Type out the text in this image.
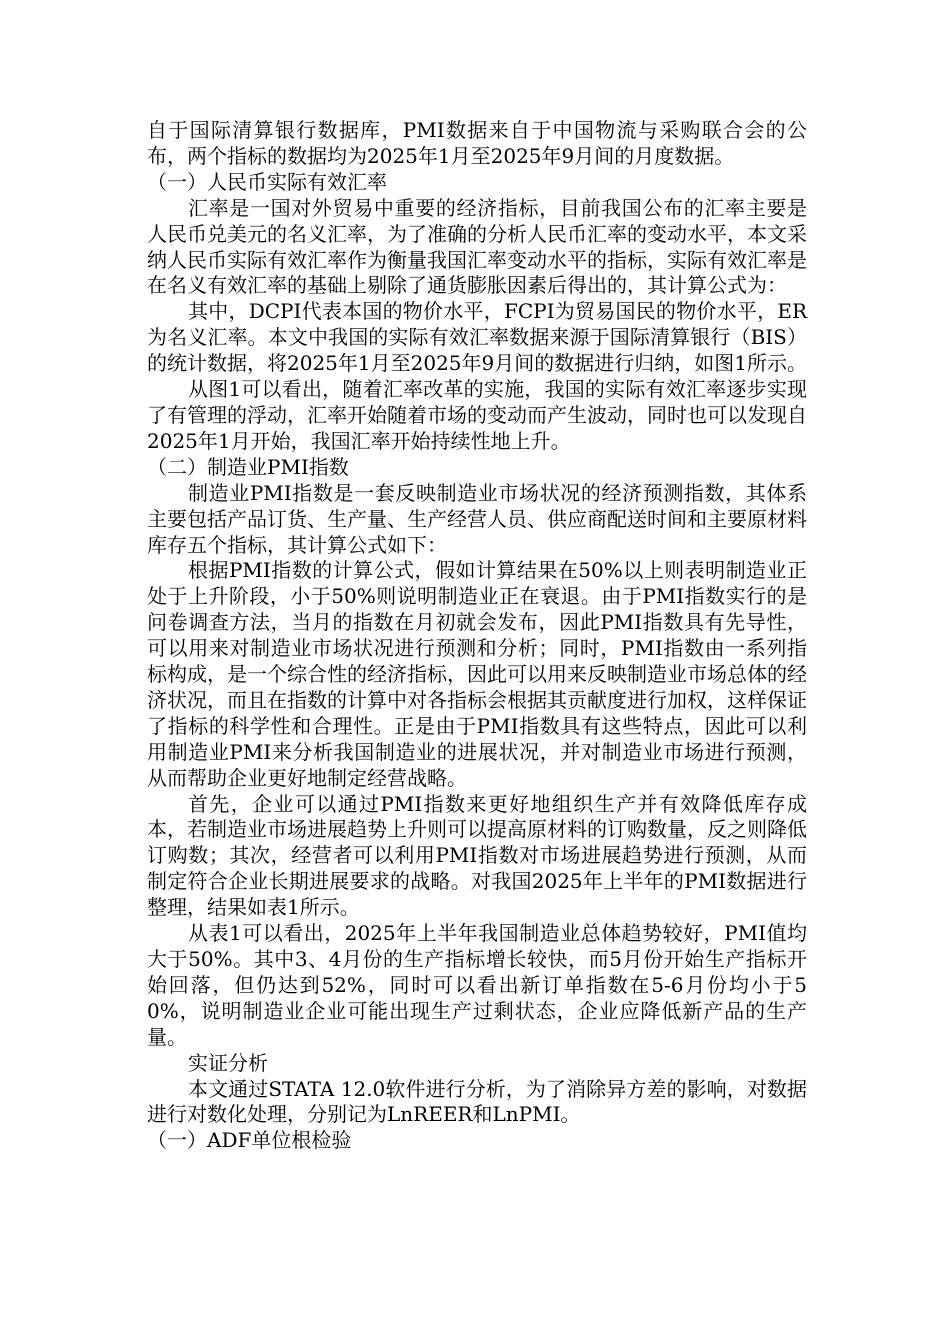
自于国际清算银行数据库，PMI数据来自于中国物流与采购联合会的公布，两个指标的数据均为2025年1月至2025年9月间的月度数据。

（一）人民币实际有效汇率

汇率是一国对外贸易中重要的经济指标，目前我国公布的汇率主要是人民币兑美元的名义汇率，为了准确的分析人民币汇率的变动水平，本文采纳人民币实际有效汇率作为衡量我国汇率变动水平的指标，实际有效汇率是在名义有效汇率的基础上剔除了通货膨胀因素后得出的，其计算公式为：

其中，DCPI代表本国的物价水平，FCPI为贸易国民的物价水平，ER为名义汇率。本文中我国的实际有效汇率数据来源于国际清算银行（BIS）的统计数据，将2025年1月至2025年9月间的数据进行归纳，如图1所示。

从图1可以看出，随着汇率改革的实施，我国的实际有效汇率逐步实现了有管理的浮动，汇率开始随着市场的变动而产生波动，同时也可以发现自2025年1月开始，我国汇率开始持续性地上升。

（二）制造业PMI指数

制造业PMI指数是一套反映制造业市场状况的经济预测指数，其体系主要包括产品订货、生产量、生产经营人员、供应商配送时间和主要原材料库存五个指标，其计算公式如下：

根据PMI指数的计算公式，假如计算结果在50%以上则表明制造业正处于上升阶段，小于50%则说明制造业正在衰退。由于PMI指数实行的是问卷调查方法，当月的指数在月初就会发布，因此PMI指数具有先导性，可以用来对制造业市场状况进行预测和分析；同时，PMI指数由一系列指标构成，是一个综合性的经济指标，因此可以用来反映制造业市场总体的经济状况，而且在指数的计算中对各指标会根据其贡献度进行加权，这样保证了指标的科学性和合理性。正是由于PMI指数具有这些特点，因此可以利用制造业PMI来分析我国制造业的进展状况，并对制造业市场进行预测，从而帮助企业更好地制定经营战略。

首先，企业可以通过PMI指数来更好地组织生产并有效降低库存成本，若制造业市场进展趋势上升则可以提高原材料的订购数量，反之则降低订购数；其次，经营者可以利用PMI指数对市场进展趋势进行预测，从而制定符合企业长期进展要求的战略。对我国2025年上半年的PMI数据进行整理，结果如表1所示。

从表1可以看出，2025年上半年我国制造业总体趋势较好，PMI值均大于50%。其中3、4月份的生产指标增长较快，而5月份开始生产指标开始回落，但仍达到52%，同时可以看出新订单指数在5-6月份均小于50%，说明制造业企业可能出现生产过剩状态，企业应降低新产品的生产量。

实证分析

本文通过STATA 12.0软件进行分析，为了消除异方差的影响，对数据进行对数化处理，分别记为LnREER和LnPMI。

（一）ADF单位根检验
